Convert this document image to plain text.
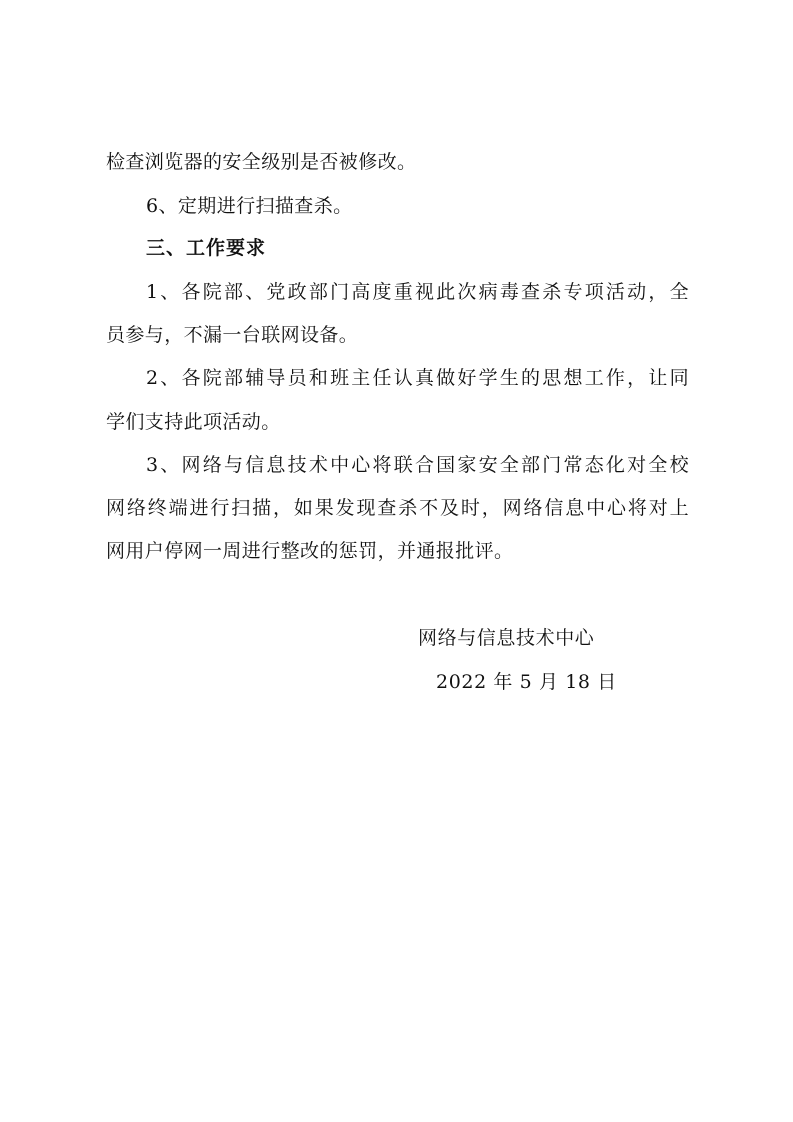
检查浏览器的安全级别是否被修改。
6、定期进行扫描查杀。
三、工作要求
1、各院部、党政部门高度重视此次病毒查杀专项活动，全
员参与，不漏一台联网设备。
2、各院部辅导员和班主任认真做好学生的思想工作，让同
学们支持此项活动。
3、网络与信息技术中心将联合国家安全部门常态化对全校
网络终端进行扫描，如果发现查杀不及时，网络信息中心将对上
网用户停网一周进行整改的惩罚，并通报批评。
网络与信息技术中心
2022 年 5 月 18 日
